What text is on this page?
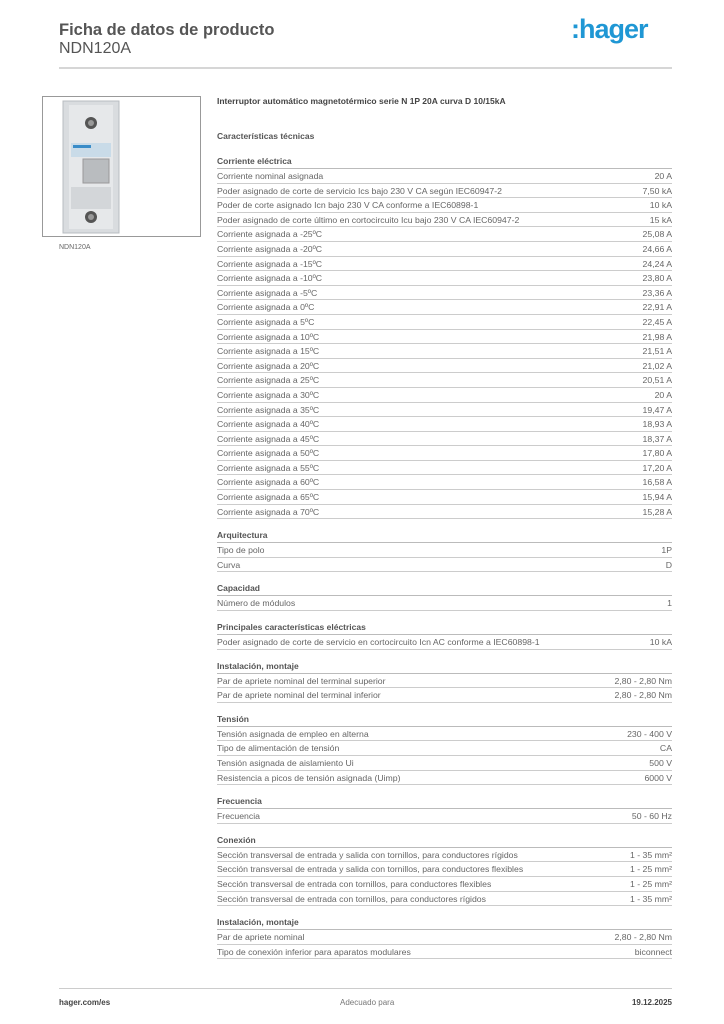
Ficha de datos de producto
NDN120A
:hager
NDN120A
Interruptor automático magnetotérmico serie N 1P 20A curva D 10/15kA
Características técnicas
Corriente eléctrica
Corriente nominal asignada	20 A
Poder asignado de corte de servicio Ics bajo 230 V CA según IEC60947-2	7,50 kA
Poder de corte asignado Icn bajo 230 V CA conforme a IEC60898-1	10 kA
Poder asignado de corte último en cortocircuito Icu bajo 230 V CA IEC60947-2	15 kA
Corriente asignada a -25ºC	25,08 A
Corriente asignada a -20ºC	24,66 A
Corriente asignada a -15ºC	24,24 A
Corriente asignada a -10ºC	23,80 A
Corriente asignada a -5ºC	23,36 A
Corriente asignada a 0ºC	22,91 A
Corriente asignada a 5ºC	22,45 A
Corriente asignada a 10ºC	21,98 A
Corriente asignada a 15ºC	21,51 A
Corriente asignada a 20ºC	21,02 A
Corriente asignada a 25ºC	20,51 A
Corriente asignada a 30ºC	20 A
Corriente asignada a 35ºC	19,47 A
Corriente asignada a 40ºC	18,93 A
Corriente asignada a 45ºC	18,37 A
Corriente asignada a 50ºC	17,80 A
Corriente asignada a 55ºC	17,20 A
Corriente asignada a 60ºC	16,58 A
Corriente asignada a 65ºC	15,94 A
Corriente asignada a 70ºC	15,28 A
Arquitectura
Tipo de polo	1P
Curva	D
Capacidad
Número de módulos	1
Principales características eléctricas
Poder asignado de corte de servicio en cortocircuito Icn AC conforme a IEC60898-1	10 kA
Instalación, montaje
Par de apriete nominal del terminal superior	2,80 - 2,80 Nm
Par de apriete nominal del terminal inferior	2,80 - 2,80 Nm
Tensión
Tensión asignada de empleo en alterna	230 - 400 V
Tipo de alimentación de tensión	CA
Tensión asignada de aislamiento Ui	500 V
Resistencia a picos de tensión asignada (Uimp)	6000 V
Frecuencia
Frecuencia	50 - 60 Hz
Conexión
Sección transversal de entrada y salida con tornillos, para conductores rígidos	1 - 35 mm²
Sección transversal de entrada y salida con tornillos, para conductores flexibles	1 - 25 mm²
Sección transversal de entrada con tornillos, para conductores flexibles	1 - 25 mm²
Sección transversal de entrada con tornillos, para conductores rígidos	1 - 35 mm²
Instalación, montaje
Par de apriete nominal	2,80 - 2,80 Nm
Tipo de conexión inferior para aparatos modulares	biconnect
hager.com/es	Adecuado para	19.12.2025
